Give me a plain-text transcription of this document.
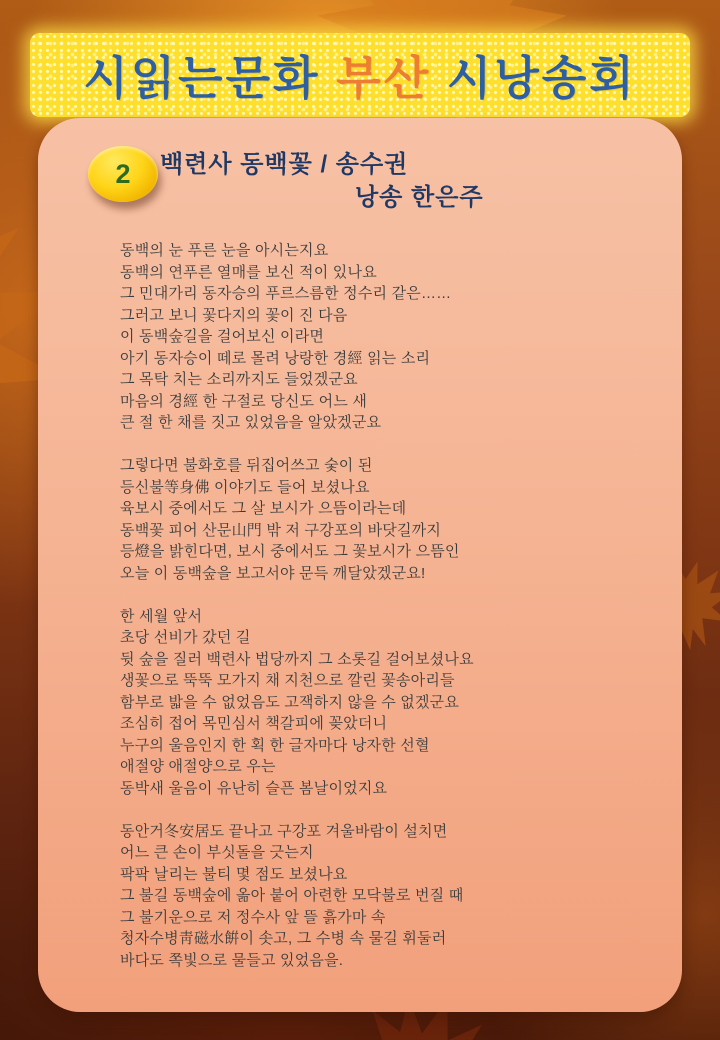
시읽는문화 부산 시낭송회
2 백련사 동백꽃 / 송수권
낭송 한은주
동백의 눈 푸른 눈을 아시는지요
동백의 연푸른 열매를 보신 적이 있나요
그 민대가리 동자승의 푸르스름한 정수리 같은……
그러고 보니 꽃다지의 꽃이 진 다음
이 동백숲길을 걸어보신 이라면
아기 동자승이 떼로 몰려 낭랑한 경經 읽는 소리
그 목탁 치는 소리까지도 들었겠군요
마음의 경經 한 구절로 당신도 어느 새
큰 절 한 채를 짓고 있었음을 알았겠군요
그렇다면 불화호를 뒤집어쓰고 숯이 된
등신불等身佛 이야기도 들어 보셨나요
육보시 중에서도 그 살 보시가 으뜸이라는데
동백꽃 피어 산문山門 밖 저 구강포의 바닷길까지
등燈을 밝힌다면, 보시 중에서도 그 꽃보시가 으뜸인
오늘 이 동백숲을 보고서야 문득 깨달았겠군요!
한 세월 앞서
초당 선비가 갔던 길
뒷 숲을 질러 백련사 법당까지 그 소롯길 걸어보셨나요
생꽃으로 뚝뚝 모가지 채 지천으로 깔린 꽃송아리들
함부로 밟을 수 없었음도 고잭하지 않을 수 없겠군요
조심히 접어 목민심서 책갈피에 꽂았더니
누구의 울음인지 한 획 한 글자마다 낭자한 선혈
애절양 애절양으로 우는
동박새 울음이 유난히 슬픈 봄날이었지요
동안거冬安居도 끝나고 구강포 겨울바람이 설치면
어느 큰 손이 부싯돌을 긋는지
팍팍 날리는 불티 몇 점도 보셨나요
그 불길 동백숲에 옮아 붙어 아련한 모닥불로 번질 때
그 불기운으로 저 정수사 앞 뜰 흙가마 속
청자수병靑磁水餠이 솟고, 그 수병 속 물길 휘둘러
바다도 쪽빛으로 물들고 있었음을.
